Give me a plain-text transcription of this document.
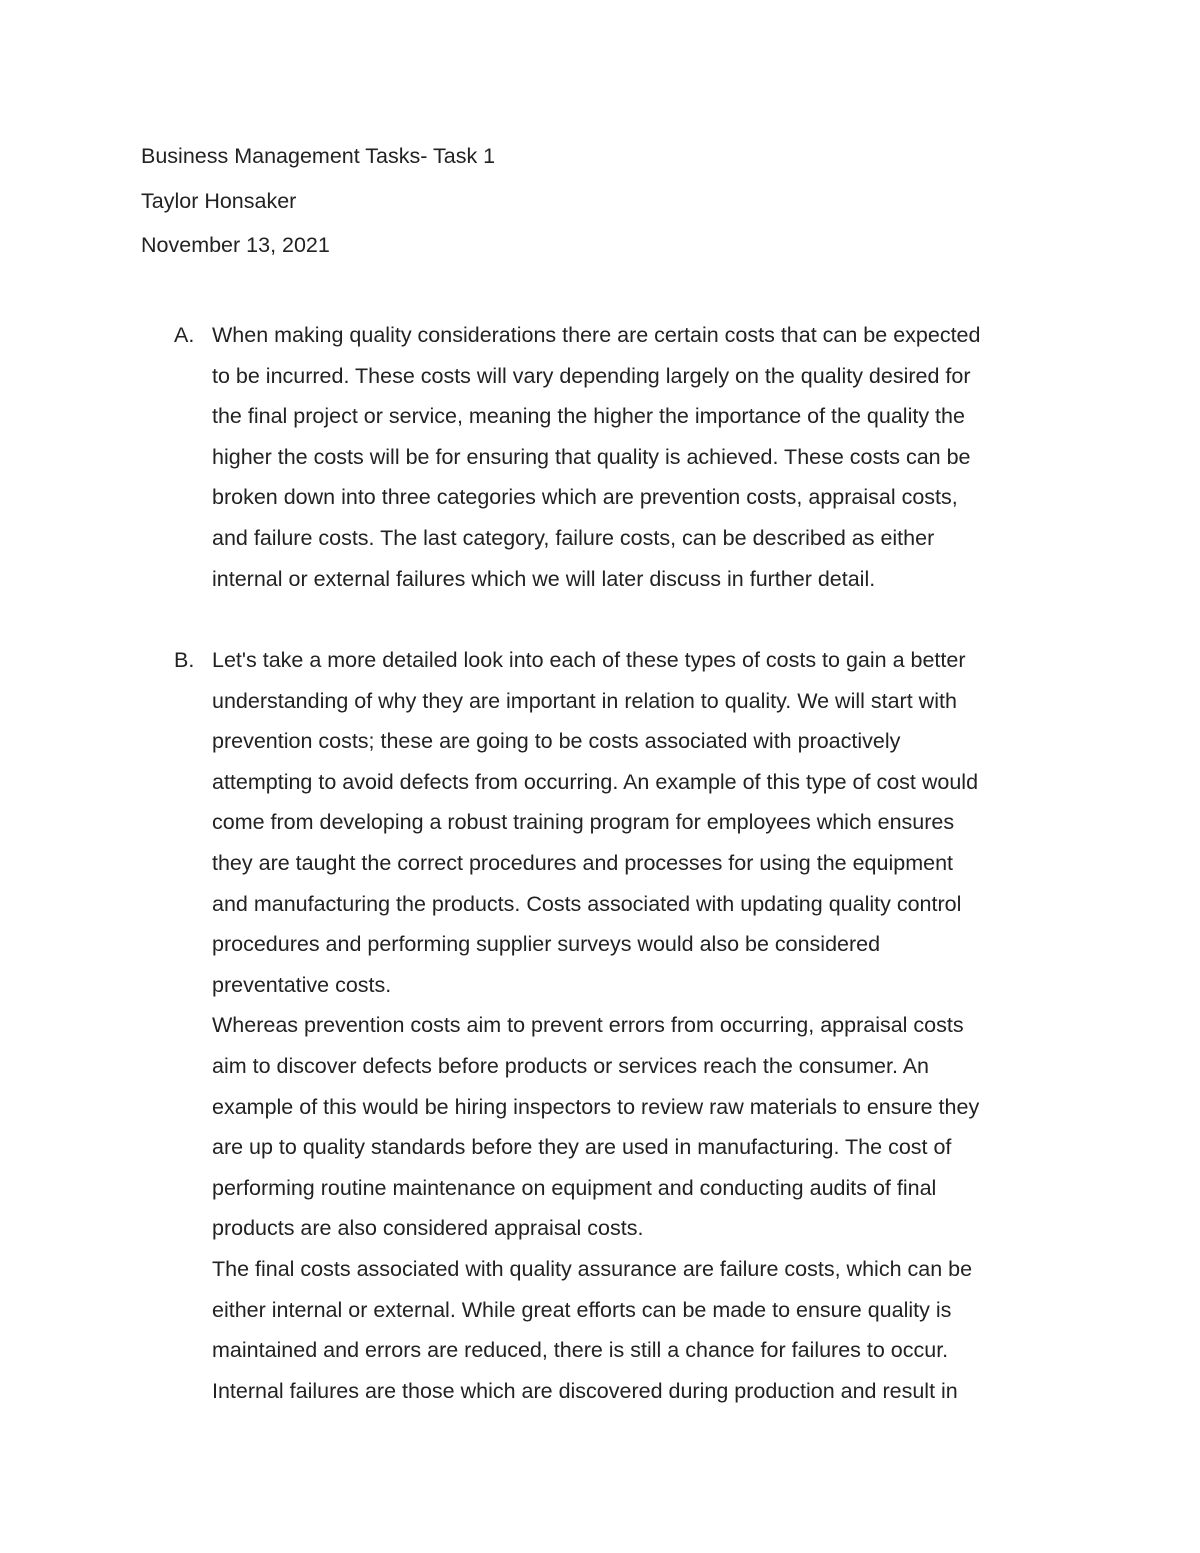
Business Management Tasks- Task 1
Taylor Honsaker
November 13, 2021
A. When making quality considerations there are certain costs that can be expected
to be incurred. These costs will vary depending largely on the quality desired for
the final project or service, meaning the higher the importance of the quality the
higher the costs will be for ensuring that quality is achieved. These costs can be
broken down into three categories which are prevention costs, appraisal costs,
and failure costs. The last category, failure costs, can be described as either
internal or external failures which we will later discuss in further detail.

B. Let's take a more detailed look into each of these types of costs to gain a better
understanding of why they are important in relation to quality. We will start with
prevention costs; these are going to be costs associated with proactively
attempting to avoid defects from occurring. An example of this type of cost would
come from developing a robust training program for employees which ensures
they are taught the correct procedures and processes for using the equipment
and manufacturing the products. Costs associated with updating quality control
procedures and performing supplier surveys would also be considered
preventative costs.

Whereas prevention costs aim to prevent errors from occurring, appraisal costs
aim to discover defects before products or services reach the consumer. An
example of this would be hiring inspectors to review raw materials to ensure they
are up to quality standards before they are used in manufacturing. The cost of
performing routine maintenance on equipment and conducting audits of final
products are also considered appraisal costs.

The final costs associated with quality assurance are failure costs, which can be
either internal or external. While great efforts can be made to ensure quality is
maintained and errors are reduced, there is still a chance for failures to occur.
Internal failures are those which are discovered during production and result in
